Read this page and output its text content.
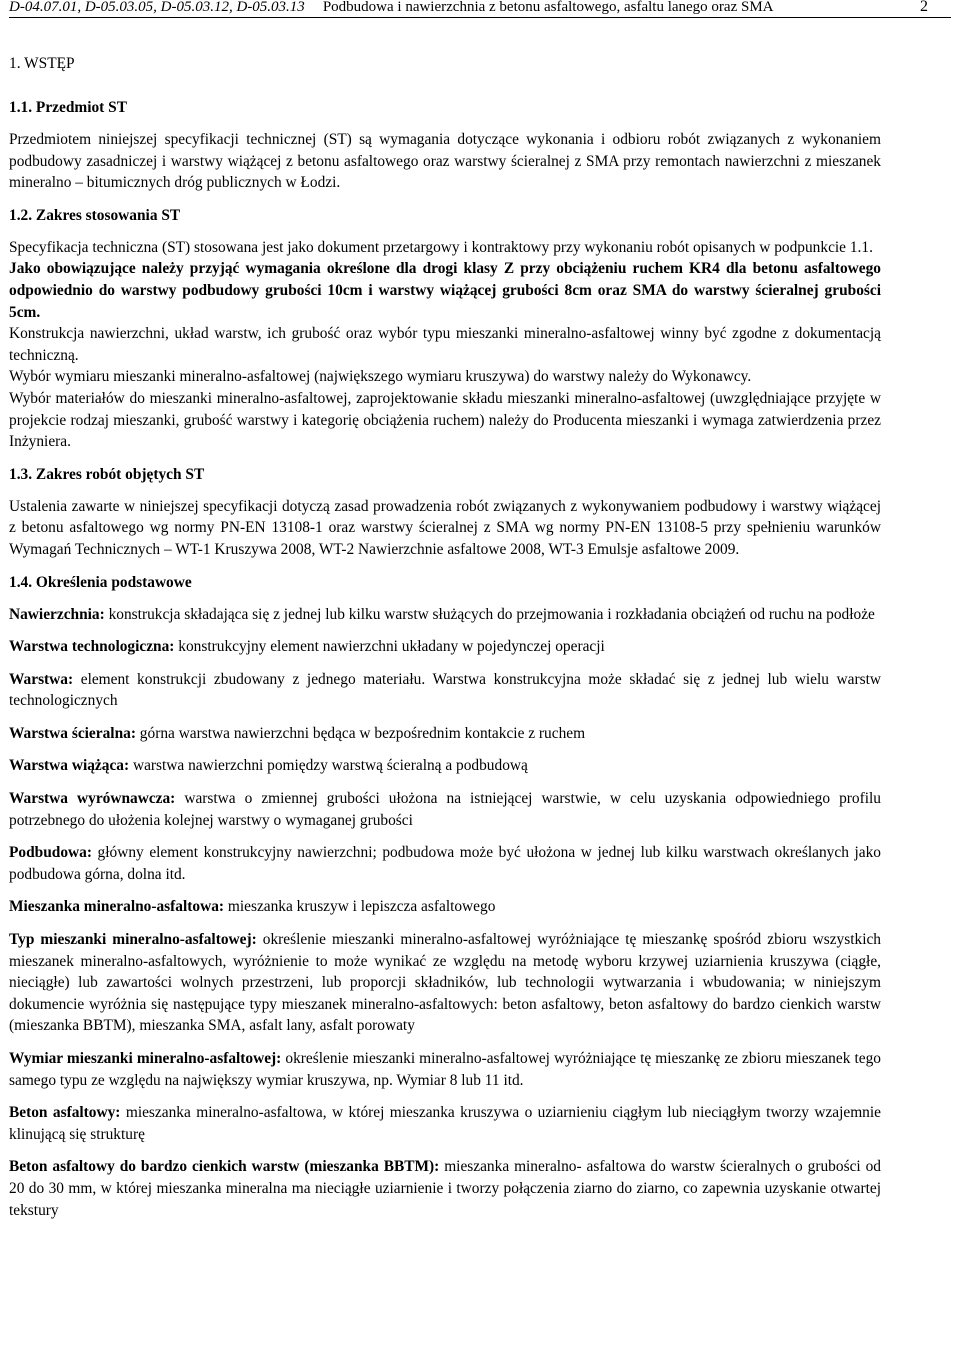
D-04.07.01, D-05.03.05, D-05.03.12, D-05.03.13 Podbudowa i nawierzchnia z betonu asfaltowego, asfaltu lanego oraz SMA	2
1. WSTĘP
1.1. Przedmiot ST

Przedmiotem niniejszej specyfikacji technicznej (ST) są wymagania dotyczące wykonania i odbioru robót związanych z wykonaniem podbudowy zasadniczej i warstwy wiążącej z betonu asfaltowego oraz warstwy ścieralnej z SMA przy remontach nawierzchni z mieszanek mineralno – bitumicznych dróg publicznych w Łodzi.

1.2. Zakres stosowania ST

Specyfikacja techniczna (ST) stosowana jest jako dokument przetargowy i kontraktowy przy wykonaniu robót opisanych w podpunkcie 1.1.

Jako obowiązujące należy przyjąć wymagania określone dla drogi klasy Z przy obciążeniu ruchem KR4 dla betonu asfaltowego odpowiednio do warstwy podbudowy grubości 10cm i warstwy wiążącej grubości 8cm oraz SMA do warstwy ścieralnej grubości 5cm.

Konstrukcja nawierzchni, układ warstw, ich grubość oraz wybór typu mieszanki mineralno-asfaltowej winny być zgodne z dokumentacją techniczną.

Wybór wymiaru mieszanki mineralno-asfaltowej (największego wymiaru kruszywa) do warstwy należy do Wykonawcy.

Wybór materiałów do mieszanki mineralno-asfaltowej, zaprojektowanie składu mieszanki mineralno-asfaltowej (uwzględniające przyjęte w projekcie rodzaj mieszanki, grubość warstwy i kategorię obciążenia ruchem) należy do Producenta mieszanki i wymaga zatwierdzenia przez Inżyniera.

1.3. Zakres robót objętych ST

Ustalenia zawarte w niniejszej specyfikacji dotyczą zasad prowadzenia robót związanych z wykonywaniem podbudowy i warstwy wiążącej z betonu asfaltowego wg normy PN-EN 13108-1 oraz warstwy ścieralnej z SMA wg normy PN-EN 13108-5 przy spełnieniu warunków Wymagań Technicznych – WT-1 Kruszywa 2008, WT-2 Nawierzchnie asfaltowe 2008, WT-3 Emulsje asfaltowe 2009.

1.4. Określenia podstawowe

Nawierzchnia: konstrukcja składająca się z jednej lub kilku warstw służących do przejmowania i rozkładania obciążeń od ruchu na podłoże

Warstwa technologiczna: konstrukcyjny element nawierzchni układany w pojedynczej operacji

Warstwa: element konstrukcji zbudowany z jednego materiału. Warstwa konstrukcyjna może składać się z jednej lub wielu warstw technologicznych

Warstwa ścieralna: górna warstwa nawierzchni będąca w bezpośrednim kontakcie z ruchem

Warstwa wiążąca: warstwa nawierzchni pomiędzy warstwą ścieralną a podbudową

Warstwa wyrównawcza: warstwa o zmiennej grubości ułożona na istniejącej warstwie, w celu uzyskania odpowiedniego profilu potrzebnego do ułożenia kolejnej warstwy o wymaganej grubości

Podbudowa: główny element konstrukcyjny nawierzchni; podbudowa może być ułożona w jednej lub kilku warstwach określanych jako podbudowa górna, dolna itd.

Mieszanka mineralno-asfaltowa: mieszanka kruszyw i lepiszcza asfaltowego

Typ mieszanki mineralno-asfaltowej: określenie mieszanki mineralno-asfaltowej wyróżniające tę mieszankę spośród zbioru wszystkich mieszanek mineralno-asfaltowych, wyróżnienie to może wynikać ze względu na metodę wyboru krzywej uziarnienia kruszywa (ciągłe, nieciągłe) lub zawartości wolnych przestrzeni, lub proporcji składników, lub technologii wytwarzania i wbudowania; w niniejszym dokumencie wyróżnia się następujące typy mieszanek mineralno-asfaltowych: beton asfaltowy, beton asfaltowy do bardzo cienkich warstw (mieszanka BBTM), mieszanka SMA, asfalt lany, asfalt porowaty

Wymiar mieszanki mineralno-asfaltowej: określenie mieszanki mineralno-asfaltowej wyróżniające tę mieszankę ze zbioru mieszanek tego samego typu ze względu na największy wymiar kruszywa, np. Wymiar 8 lub 11 itd.

Beton asfaltowy: mieszanka mineralno-asfaltowa, w której mieszanka kruszywa o uziarnieniu ciągłym lub nieciągłym tworzy wzajemnie klinującą się strukturę

Beton asfaltowy do bardzo cienkich warstw (mieszanka BBTM): mieszanka mineralno- asfaltowa do warstw ścieralnych o grubości od 20 do 30 mm, w której mieszanka mineralna ma nieciągłe uziarnienie i tworzy połączenia ziarno do ziarno, co zapewnia uzyskanie otwartej tekstury
